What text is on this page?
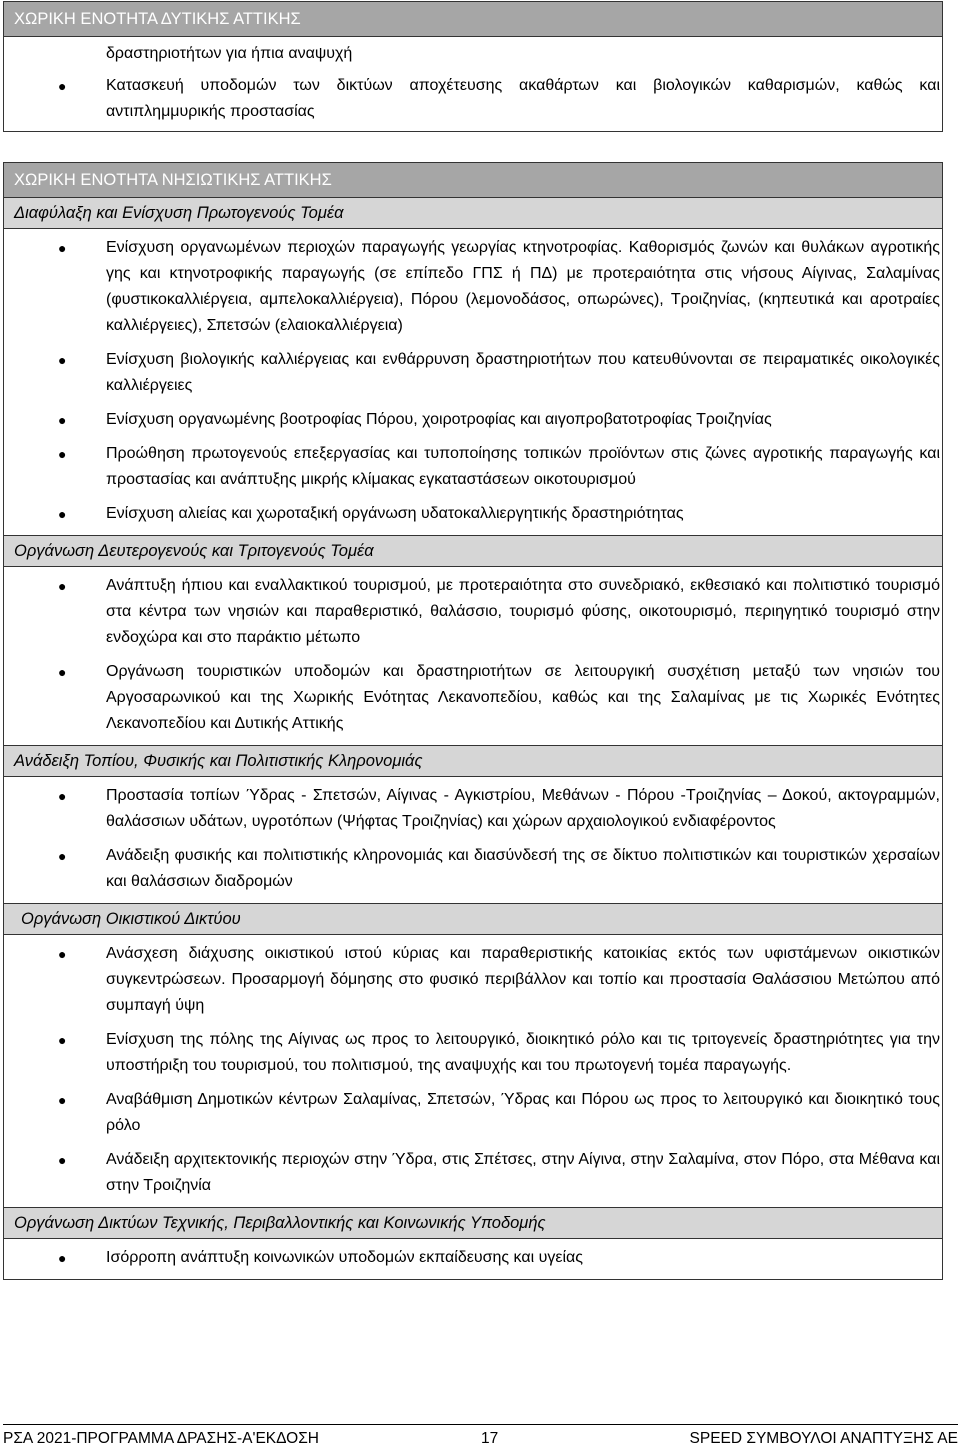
ΧΩΡΙΚΗ ΕΝΟΤΗΤΑ ΔΥΤΙΚΗΣ ΑΤΤΙΚΗΣ
δραστηριοτήτων για ήπια αναψυχή
● Κατασκευή υποδομών των δικτύων αποχέτευσης ακαθάρτων και βιολογικών καθαρισμών, καθώς και αντιπλημμυρικής προστασίας
ΧΩΡΙΚΗ ΕΝΟΤΗΤΑ ΝΗΣΙΩΤΙΚΗΣ ΑΤΤΙΚΗΣ
Διαφύλαξη και Ενίσχυση Πρωτογενούς Τομέα
● Ενίσχυση οργανωμένων περιοχών παραγωγής γεωργίας κτηνοτροφίας. Καθορισμός ζωνών και θυλάκων αγροτικής γης και κτηνοτροφικής παραγωγής (σε επίπεδο ΓΠΣ ή ΠΔ) με προτεραιότητα στις νήσους Αίγινας, Σαλαμίνας (φυστικοκαλλιέργεια, αμπελοκαλλιέργεια), Πόρου (λεμονοδάσος, οπωρώνες), Τροιζηνίας, (κηπευτικά και αροτραίες καλλιέργειες), Σπετσών (ελαιοκαλλιέργεια)
● Ενίσχυση βιολογικής καλλιέργειας και ενθάρρυνση δραστηριοτήτων που κατευθύνονται σε πειραματικές οικολογικές καλλιέργειες
● Ενίσχυση οργανωμένης βοοτροφίας Πόρου, χοιροτροφίας και αιγοπροβατοτροφίας Τροιζηνίας
● Προώθηση πρωτογενούς επεξεργασίας και τυποποίησης τοπικών προϊόντων στις ζώνες αγροτικής παραγωγής και προστασίας και ανάπτυξης μικρής κλίμακας εγκαταστάσεων οικοτουρισμού
● Ενίσχυση αλιείας και χωροταξική οργάνωση υδατοκαλλιεργητικής δραστηριότητας
Οργάνωση Δευτερογενούς και Τριτογενούς Τομέα
● Ανάπτυξη ήπιου και εναλλακτικού τουρισμού, με προτεραιότητα στο συνεδριακό, εκθεσιακό και πολιτιστικό τουρισμό στα κέντρα των νησιών και παραθεριστικό, θαλάσσιο, τουρισμό φύσης, οικοτουρισμό, περιηγητικό τουρισμό στην ενδοχώρα και στο παράκτιο μέτωπο
● Οργάνωση τουριστικών υποδομών και δραστηριοτήτων σε λειτουργική συσχέτιση μεταξύ των νησιών του Αργοσαρωνικού και της Χωρικής Ενότητας Λεκανοπεδίου, καθώς και της Σαλαμίνας με τις Χωρικές Ενότητες Λεκανοπεδίου και Δυτικής Αττικής
Ανάδειξη Τοπίου, Φυσικής και Πολιτιστικής Κληρονομιάς
● Προστασία τοπίων Ύδρας - Σπετσών, Αίγινας - Αγκιστρίου, Μεθάνων - Πόρου -Τροιζηνίας – Δοκού, ακτογραμμών, θαλάσσιων υδάτων, υγροτόπων (Ψήφτας Τροιζηνίας) και χώρων αρχαιολογικού ενδιαφέροντος
● Ανάδειξη φυσικής και πολιτιστικής κληρονομιάς και διασύνδεσή της σε δίκτυο πολιτιστικών και τουριστικών χερσαίων και θαλάσσιων διαδρομών
Οργάνωση Οικιστικού Δικτύου
● Ανάσχεση διάχυσης οικιστικού ιστού κύριας και παραθεριστικής κατοικίας εκτός των υφιστάμενων οικιστικών συγκεντρώσεων. Προσαρμογή δόμησης στο φυσικό περιβάλλον και τοπίο και προστασία Θαλάσσιου Μετώπου από συμπαγή ύψη
● Ενίσχυση της πόλης της Αίγινας ως προς το λειτουργικό, διοικητικό ρόλο και τις τριτογενείς δραστηριότητες για την υποστήριξη του τουρισμού, του πολιτισμού, της αναψυχής και του πρωτογενή τομέα παραγωγής.
● Αναβάθμιση Δημοτικών κέντρων Σαλαμίνας, Σπετσών, Ύδρας και Πόρου ως προς το λειτουργικό και διοικητικό τους ρόλο
● Ανάδειξη αρχιτεκτονικής περιοχών στην Ύδρα, στις Σπέτσες, στην Αίγινα, στην Σαλαμίνα, στον Πόρο, στα Μέθανα και στην Τροιζηνία
Οργάνωση Δικτύων Τεχνικής, Περιβαλλοντικής και Κοινωνικής Υποδομής
● Ισόρροπη ανάπτυξη κοινωνικών υποδομών εκπαίδευσης και υγείας
ΡΣΑ 2021-ΠΡΟΓΡΑΜΜΑ ΔΡΑΣΗΣ-Α'ΕΚΔΟΣΗ	17	SPEED ΣΥΜΒΟΥΛΟΙ ΑΝΑΠΤΥΞΗΣ ΑΕ
